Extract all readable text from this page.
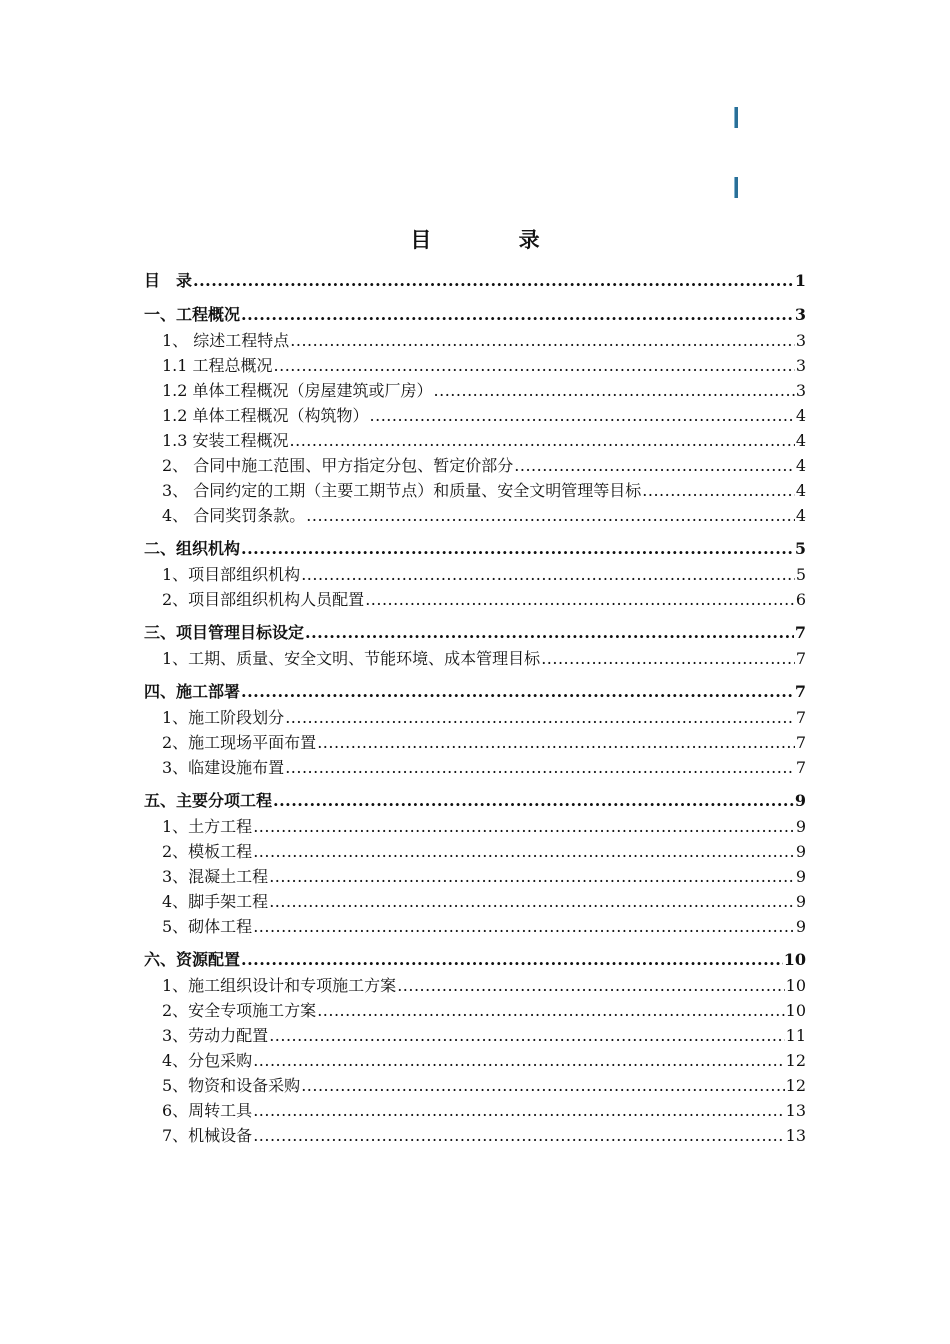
目 录
目　录 .....	1
一、工程概况 .....	3
1、 综述工程特点 .....	3
1.1 工程总概况 .....	3
1.2 单体工程概况（房屋建筑或厂房） .....	3
1.2 单体工程概况（构筑物） .....	4
1.3 安装工程概况 .....	4
2、 合同中施工范围、甲方指定分包、暂定价部分 .....	4
3、 合同约定的工期（主要工期节点）和质量、安全文明管理等目标 .....	4
4、 合同奖罚条款。 .....	4
二、组织机构 .....	5
1、项目部组织机构 .....	5
2、项目部组织机构人员配置 .....	6
三、项目管理目标设定 .....	7
1、工期、质量、安全文明、节能环境、成本管理目标 .....	7
四、施工部署 .....	7
1、施工阶段划分 .....	7
2、施工现场平面布置 .....	7
3、临建设施布置 .....	7
五、主要分项工程 .....	9
1、土方工程 .....	9
2、模板工程 .....	9
3、混凝土工程 .....	9
4、脚手架工程 .....	9
5、砌体工程 .....	9
六、资源配置 .....	10
1、施工组织设计和专项施工方案 .....	10
2、安全专项施工方案 .....	10
3、劳动力配置 .....	11
4、分包采购 .....	12
5、物资和设备采购 .....	12
6、周转工具 .....	13
7、机械设备 .....	13
